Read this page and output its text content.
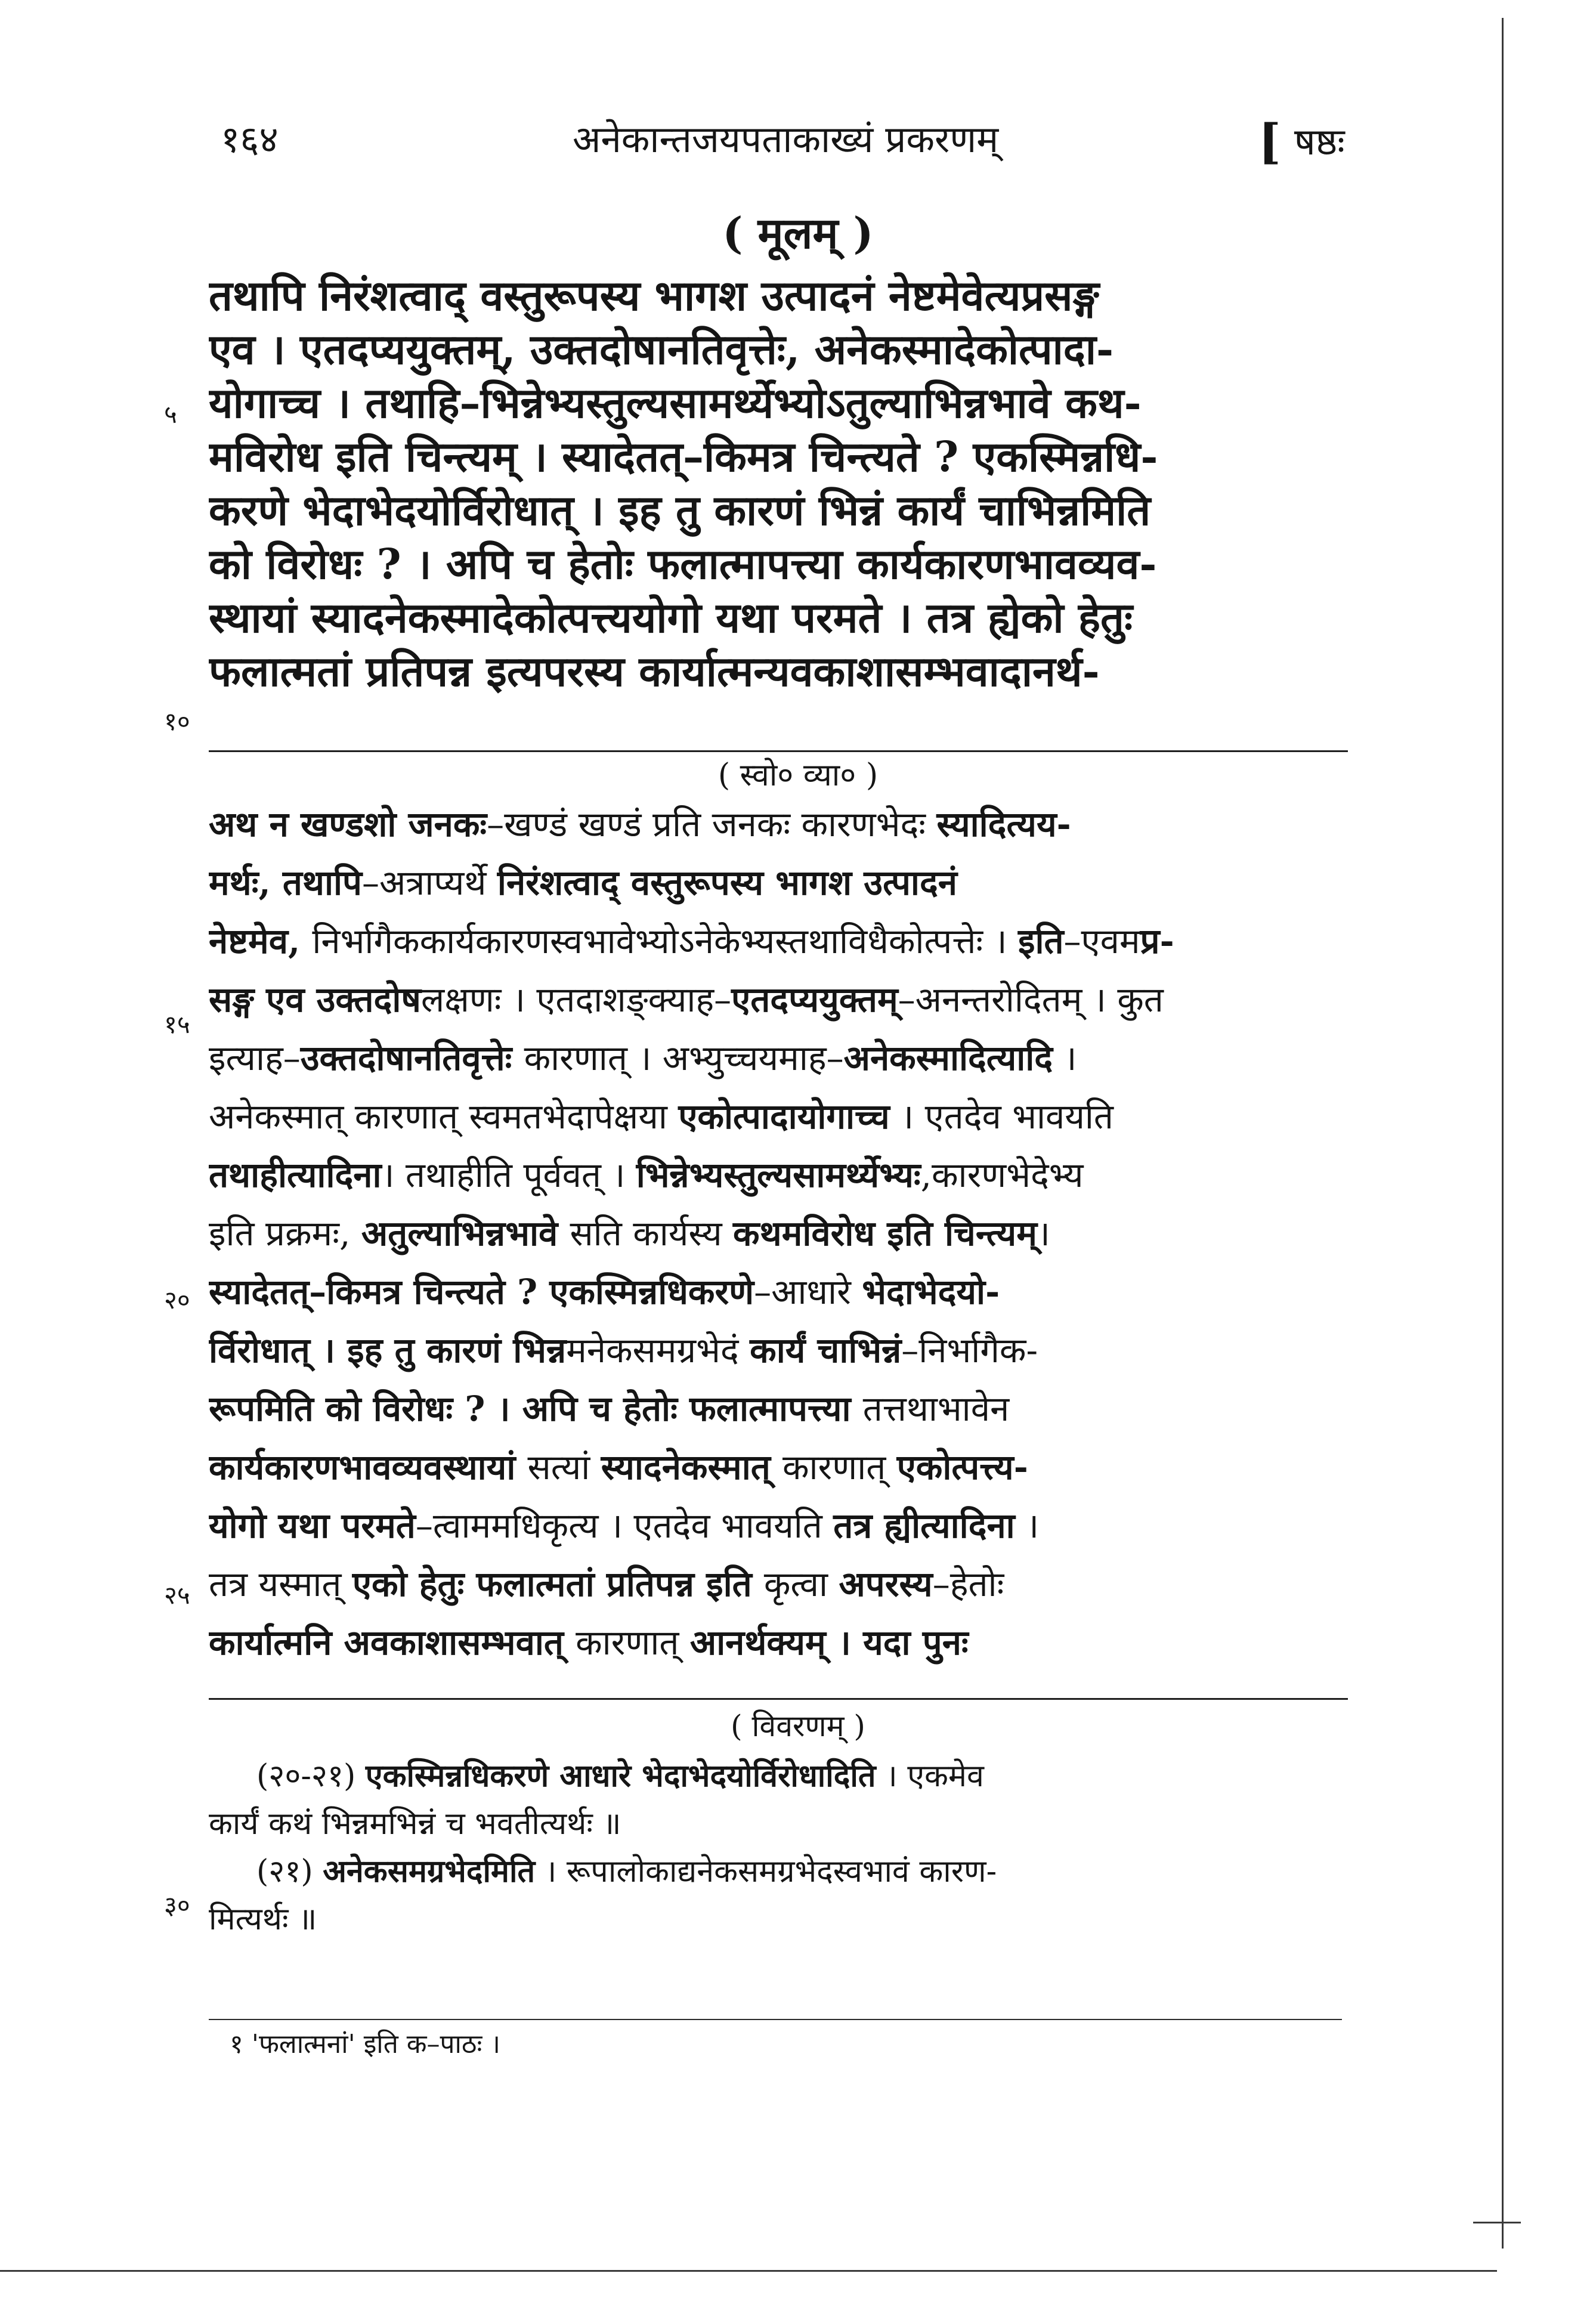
१६४	अनेकान्तजयपताकाख्यं प्रकरणम्	[ षष्ठः
( मूलम् )
तथापि निरंशत्वाद् वस्तुरूपस्य भागश उत्पादनं नेष्टमेवेत्यप्रसङ्ग
एव । एतदप्ययुक्तम्, उक्तदोषानतिवृत्तेः, अनेकस्मादेकोत्पादा-
योगाच्च । तथाहि–भिन्नेभ्यस्तुल्यसामर्थ्येभ्योऽतुल्याभिन्नभावे कथ-
मविरोध इति चिन्त्यम् । स्यादेतत्–किमत्र चिन्त्यते ? एकस्मिन्नधि-
करणे भेदाभेदयोर्विरोधात् । इह तु कारणं भिन्नं कार्यं चाभिन्नमिति
को विरोधः ? । अपि च हेतोः फलात्मापत्त्या कार्यकारणभावव्यव-
स्थायां स्यादनेकस्मादेकोत्पत्त्ययोगो यथा परमते । तत्र ह्येको हेतुः
फलात्मतां प्रतिपन्न इत्यपरस्य कार्यात्मन्यवकाशासम्भवादानर्थ-
५
१०
( स्वो० व्या० )
अथ न खण्डशो जनकः–खण्डं खण्डं प्रति जनकः कारणभेदः स्यादित्यय-
मर्थः, तथापि–अत्राप्यर्थे निरंशत्वाद् वस्तुरूपस्य भागश उत्पादनं
नेष्टमेव, निर्भागैककार्यकारणस्वभावेभ्योऽनेकेभ्यस्तथाविधैकोत्पत्तेः । इति–एवमप्र-
सङ्ग एव उक्तदोषलक्षणः । एतदाशङ्क्याह–एतदप्ययुक्तम्–अनन्तरोदितम् । कुत
इत्याह–उक्तदोषानतिवृत्तेः कारणात् । अभ्युच्चयमाह–अनेकस्मादित्यादि ।
अनेकस्मात् कारणात् स्वमतभेदापेक्षया एकोत्पादायोगाच्च । एतदेव भावयति
तथाहीत्यादिना। तथाहीति पूर्ववत् । भिन्नेभ्यस्तुल्यसामर्थ्येभ्यः,कारणभेदेभ्य
इति प्रक्रमः, अतुल्याभिन्नभावे सति कार्यस्य कथमविरोध इति चिन्त्यम्।
स्यादेतत्–किमत्र चिन्त्यते ? एकस्मिन्नधिकरणे–आधारे भेदाभेदयो-
र्विरोधात् । इह तु कारणं भिन्नमनेकसमग्रभेदं कार्यं चाभिन्नं–निर्भागैक-
रूपमिति को विरोधः ? । अपि च हेतोः फलात्मापत्त्या तत्तथाभावेन
कार्यकारणभावव्यवस्थायां सत्यां स्यादनेकस्मात् कारणात् एकोत्पत्त्य-
योगो यथा परमते–त्वाममधिकृत्य । एतदेव भावयति तत्र ह्यीत्यादिना ।
तत्र यस्मात् एको हेतुः फलात्मतां प्रतिपन्न इति कृत्वा अपरस्य–हेतोः
कार्यात्मनि अवकाशासम्भवात् कारणात् आनर्थक्यम् । यदा पुनः
१५
२०
२५
( विवरणम् )
(२०-२१) एकस्मिन्नधिकरणे आधारे भेदाभेदयोर्विरोधादिति । एकमेव
कार्यं कथं भिन्नमभिन्नं च भवतीत्यर्थः ॥
(२१) अनेकसमग्रभेदमिति । रूपालोकाद्यनेकसमग्रभेदस्वभावं कारण-
मित्यर्थः ॥
३०
१ 'फलात्मनां' इति क–पाठः ।
